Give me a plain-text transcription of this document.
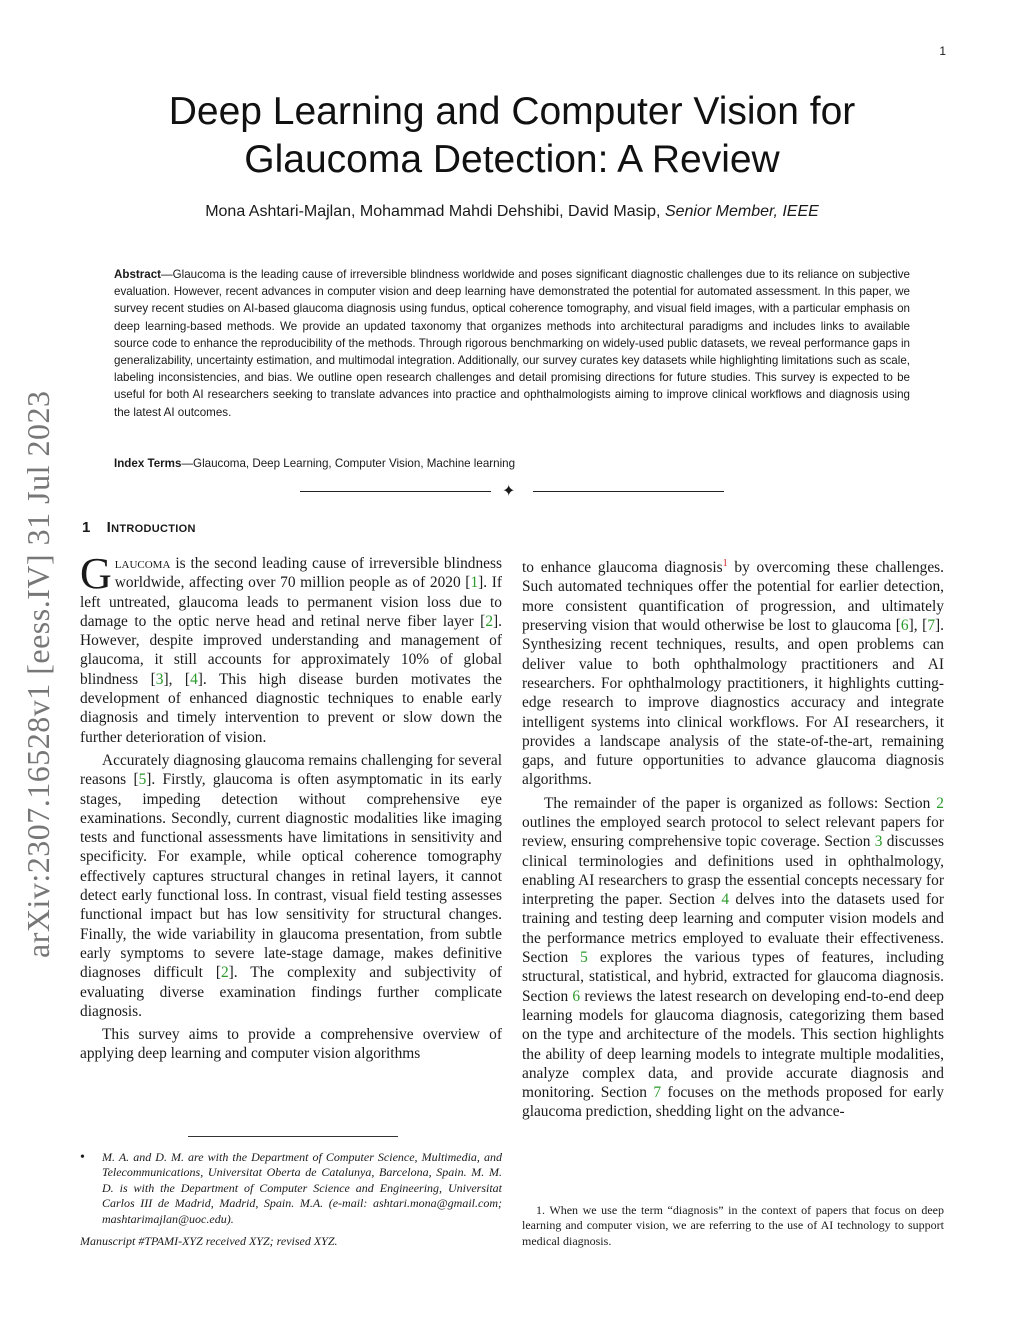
1
arXiv:2307.16528v1 [eess.IV] 31 Jul 2023
Deep Learning and Computer Vision for
Glaucoma Detection: A Review
Mona Ashtari-Majlan, Mohammad Mahdi Dehshibi, David Masip, Senior Member, IEEE
Abstract—Glaucoma is the leading cause of irreversible blindness worldwide and poses significant diagnostic challenges due to its reliance on subjective evaluation. However, recent advances in computer vision and deep learning have demonstrated the potential for automated assessment. In this paper, we survey recent studies on AI-based glaucoma diagnosis using fundus, optical coherence tomography, and visual field images, with a particular emphasis on deep learning-based methods. We provide an updated taxonomy that organizes methods into architectural paradigms and includes links to available source code to enhance the reproducibility of the methods. Through rigorous benchmarking on widely-used public datasets, we reveal performance gaps in generalizability, uncertainty estimation, and multimodal integration. Additionally, our survey curates key datasets while highlighting limitations such as scale, labeling inconsistencies, and bias. We outline open research challenges and detail promising directions for future studies. This survey is expected to be useful for both AI researchers seeking to translate advances into practice and ophthalmologists aiming to improve clinical workflows and diagnosis using the latest AI outcomes.
Index Terms—Glaucoma, Deep Learning, Computer Vision, Machine learning
✦
1 Introduction

Glaucoma is the second leading cause of irreversible blindness worldwide, affecting over 70 million people as of 2020 [1]. If left untreated, glaucoma leads to permanent vision loss due to damage to the optic nerve head and retinal nerve fiber layer [2]. However, despite improved understanding and management of glaucoma, it still accounts for approximately 10% of global blindness [3], [4]. This high disease burden motivates the development of enhanced diagnostic techniques to enable early diagnosis and timely intervention to prevent or slow down the further deterioration of vision.

Accurately diagnosing glaucoma remains challenging for several reasons [5]. Firstly, glaucoma is often asymptomatic in its early stages, impeding detection without comprehensive eye examinations. Secondly, current diagnostic modalities like imaging tests and functional assessments have limitations in sensitivity and specificity. For example, while optical coherence tomography effectively captures structural changes in retinal layers, it cannot detect early functional loss. In contrast, visual field testing assesses functional impact but has low sensitivity for structural changes. Finally, the wide variability in glaucoma presentation, from subtle early symptoms to severe late-stage damage, makes definitive diagnoses difficult [2]. The complexity and subjectivity of evaluating diverse examination findings further complicate diagnosis.

This survey aims to provide a comprehensive overview of applying deep learning and computer vision algorithms

to enhance glaucoma diagnosis$^1$ by overcoming these challenges. Such automated techniques offer the potential for earlier detection, more consistent quantification of progression, and ultimately preserving vision that would otherwise be lost to glaucoma [6], [7]. Synthesizing recent techniques, results, and open problems can deliver value to both ophthalmology practitioners and AI researchers. For ophthalmology practitioners, it highlights cutting-edge research to improve diagnostics accuracy and integrate intelligent systems into clinical workflows. For AI researchers, it provides a landscape analysis of the state-of-the-art, remaining gaps, and future opportunities to advance glaucoma diagnosis algorithms.

The remainder of the paper is organized as follows: Section 2 outlines the employed search protocol to select relevant papers for review, ensuring comprehensive topic coverage. Section 3 discusses clinical terminologies and definitions used in ophthalmology, enabling AI researchers to grasp the essential concepts necessary for interpreting the paper. Section 4 delves into the datasets used for training and testing deep learning and computer vision models and the performance metrics employed to evaluate their effectiveness. Section 5 explores the various types of features, including structural, statistical, and hybrid, extracted for glaucoma diagnosis. Section 6 reviews the latest research on developing end-to-end deep learning models for glaucoma diagnosis, categorizing them based on the type and architecture of the models. This section highlights the ability of deep learning models to integrate multiple modalities, analyze complex data, and provide accurate diagnosis and monitoring. Section 7 focuses on the methods proposed for early glaucoma prediction, shedding light on the advance-

•	M. A. and D. M. are with the Department of Computer Science, Multimedia, and Telecommunications, Universitat Oberta de Catalunya, Barcelona, Spain. M. M. D. is with the Department of Computer Science and Engineering, Universitat Carlos III de Madrid, Madrid, Spain. M.A. (e-mail: ashtari.mona@gmail.com; mashtarimajlan@uoc.edu).
Manuscript #TPAMI-XYZ received XYZ; revised XYZ.
1. When we use the term “diagnosis” in the context of papers that focus on deep learning and computer vision, we are referring to the use of AI technology to support medical diagnosis.
